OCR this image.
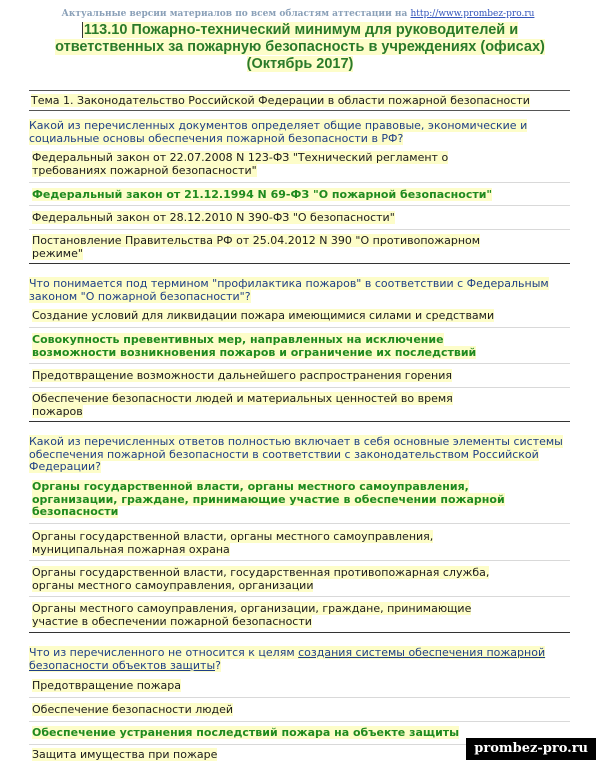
Актуальные версии материалов по всем областям аттестации на http://www.prombez-pro.ru
113.10 Пожарно-технический минимум для руководителей и
ответственных за пожарную безопасность в учреждениях (офисах)
(Октябрь 2017)
Тема 1. Законодательство Российской Федерации в области пожарной безопасности
Какой из перечисленных документов определяет общие правовые, экономические и
социальные основы обеспечения пожарной безопасности в РФ?
Федеральный закон от 22.07.2008 N 123-ФЗ "Технический регламент о
требованиях пожарной безопасности"
Федеральный закон от 21.12.1994 N 69-ФЗ "О пожарной безопасности"
Федеральный закон от 28.12.2010 N 390-ФЗ "О безопасности"
Постановление Правительства РФ от 25.04.2012 N 390 "О противопожарном
режиме"
Что понимается под термином "профилактика пожаров" в соответствии с Федеральным
законом "О пожарной безопасности"?
Создание условий для ликвидации пожара имеющимися силами и средствами
Совокупность превентивных мер, направленных на исключение
возможности возникновения пожаров и ограничение их последствий
Предотвращение возможности дальнейшего распространения горения
Обеспечение безопасности людей и материальных ценностей во время
пожаров
Какой из перечисленных ответов полностью включает в себя основные элементы системы
обеспечения пожарной безопасности в соответствии с законодательством Российской
Федерации?
Органы государственной власти, органы местного самоуправления,
организации, граждане, принимающие участие в обеспечении пожарной
безопасности
Органы государственной власти, органы местного самоуправления,
муниципальная пожарная охрана
Органы государственной власти, государственная противопожарная служба,
органы местного самоуправления, организации
Органы местного самоуправления, организации, граждане, принимающие
участие в обеспечении пожарной безопасности
Что из перечисленного не относится к целям создания системы обеспечения пожарной
безопасности объектов защиты?
Предотвращение пожара
Обеспечение безопасности людей
Обеспечение устранения последствий пожара на объекте защиты
Защита имущества при пожаре	prombez-pro.ru
